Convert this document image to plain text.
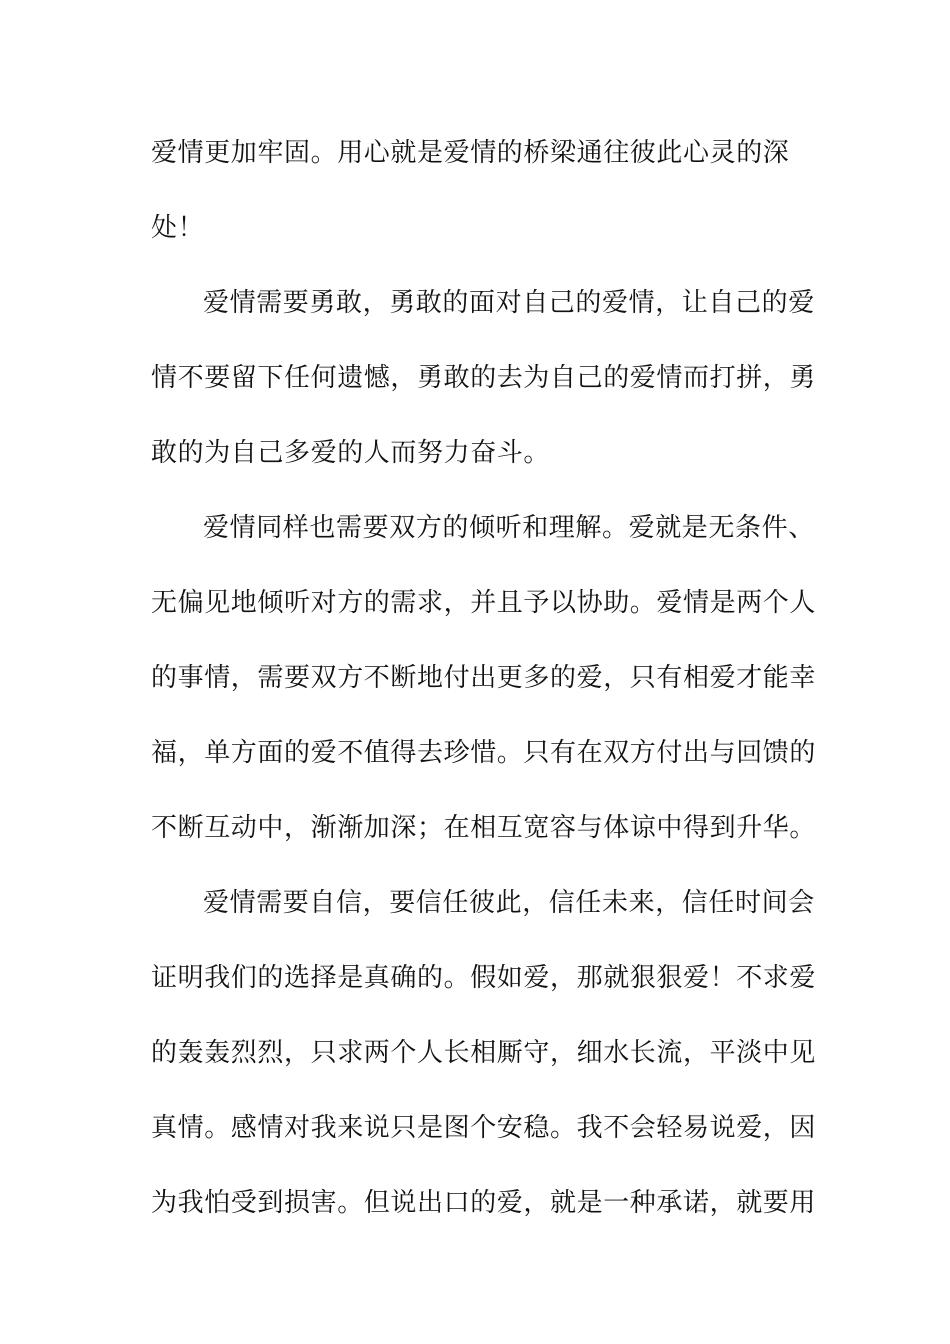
爱情更加牢固。用心就是爱情的桥梁通往彼此心灵的深
处！
爱情需要勇敢，勇敢的面对自己的爱情，让自己的爱
情不要留下任何遗憾，勇敢的去为自己的爱情而打拼，勇
敢的为自己多爱的人而努力奋斗。
爱情同样也需要双方的倾听和理解。爱就是无条件、
无偏见地倾听对方的需求，并且予以协助。爱情是两个人
的事情，需要双方不断地付出更多的爱，只有相爱才能幸
福，单方面的爱不值得去珍惜。只有在双方付出与回馈的
不断互动中，渐渐加深；在相互宽容与体谅中得到升华。
爱情需要自信，要信任彼此，信任未来，信任时间会
证明我们的选择是真确的。假如爱，那就狠狠爱！不求爱
的轰轰烈烈，只求两个人长相厮守，细水长流，平淡中见
真情。感情对我来说只是图个安稳。我不会轻易说爱，因
为我怕受到损害。但说出口的爱，就是一种承诺，就要用
